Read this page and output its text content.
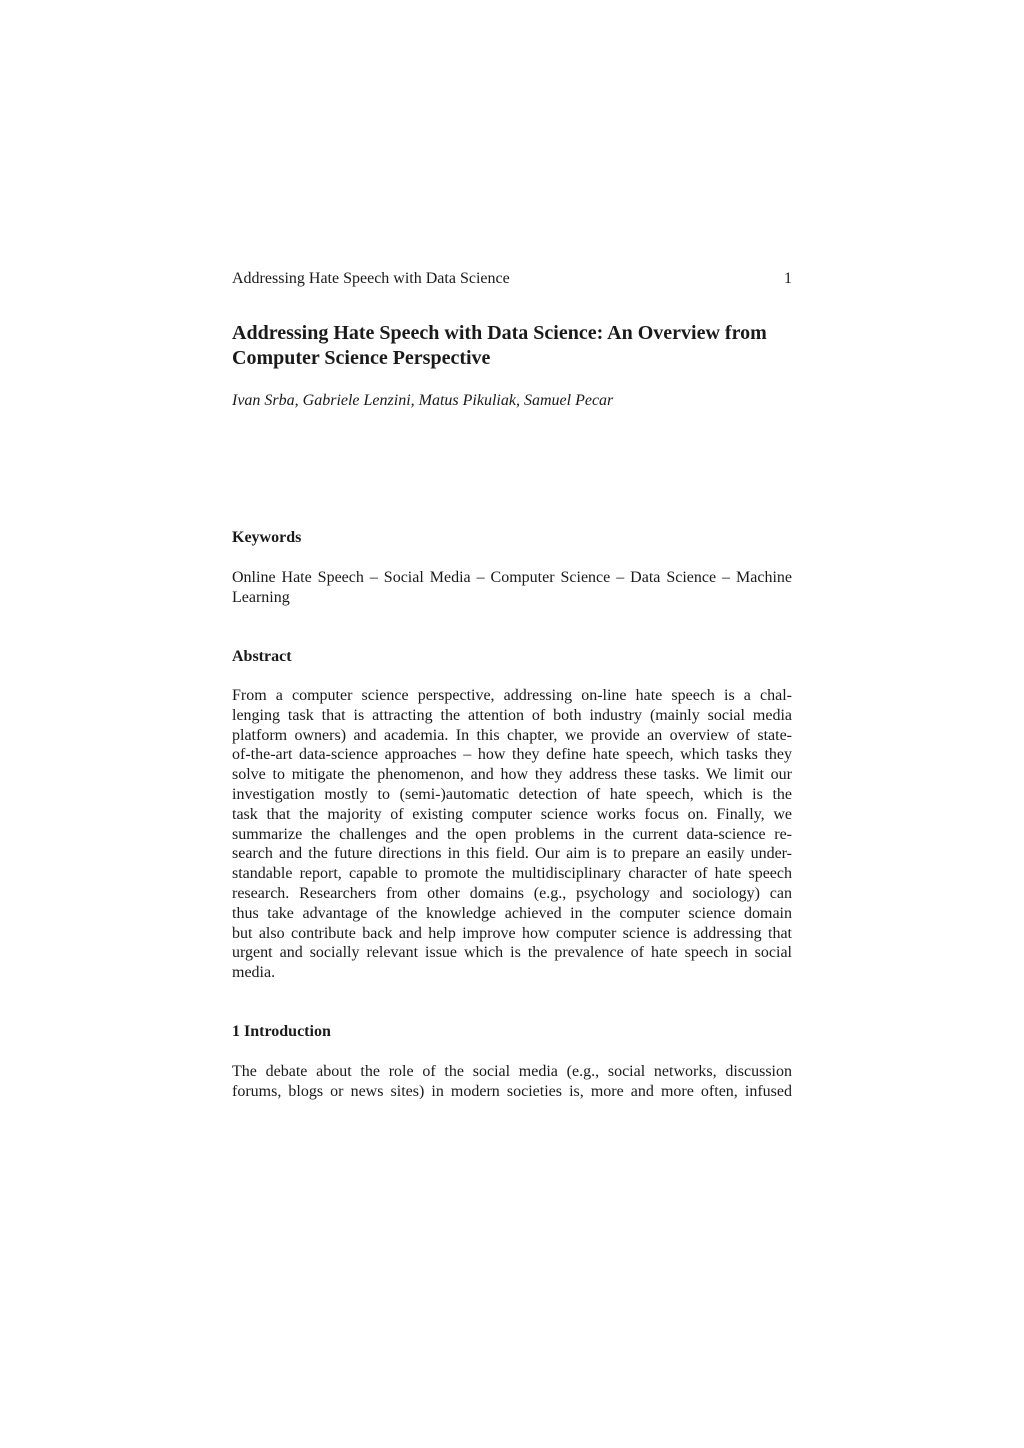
Addressing Hate Speech with Data Science	1
Addressing Hate Speech with Data Science: An Overview from Computer Science Perspective

Ivan Srba, Gabriele Lenzini, Matus Pikuliak, Samuel Pecar

Keywords

Online Hate Speech – Social Media – Computer Science – Data Science – Machine Learning

Abstract
From a computer science perspective, addressing on-line hate speech is a chal-
lenging task that is attracting the attention of both industry (mainly social media
platform owners) and academia. In this chapter, we provide an overview of state-
of-the-art data-science approaches – how they define hate speech, which tasks they
solve to mitigate the phenomenon, and how they address these tasks. We limit our
investigation mostly to (semi-)automatic detection of hate speech, which is the
task that the majority of existing computer science works focus on. Finally, we
summarize the challenges and the open problems in the current data-science re-
search and the future directions in this field. Our aim is to prepare an easily under-
standable report, capable to promote the multidisciplinary character of hate speech
research. Researchers from other domains (e.g., psychology and sociology) can
thus take advantage of the knowledge achieved in the computer science domain
but also contribute back and help improve how computer science is addressing that
urgent and socially relevant issue which is the prevalence of hate speech in social
media.
1 Introduction
The debate about the role of the social media (e.g., social networks, discussion
forums, blogs or news sites) in modern societies is, more and more often, infused
